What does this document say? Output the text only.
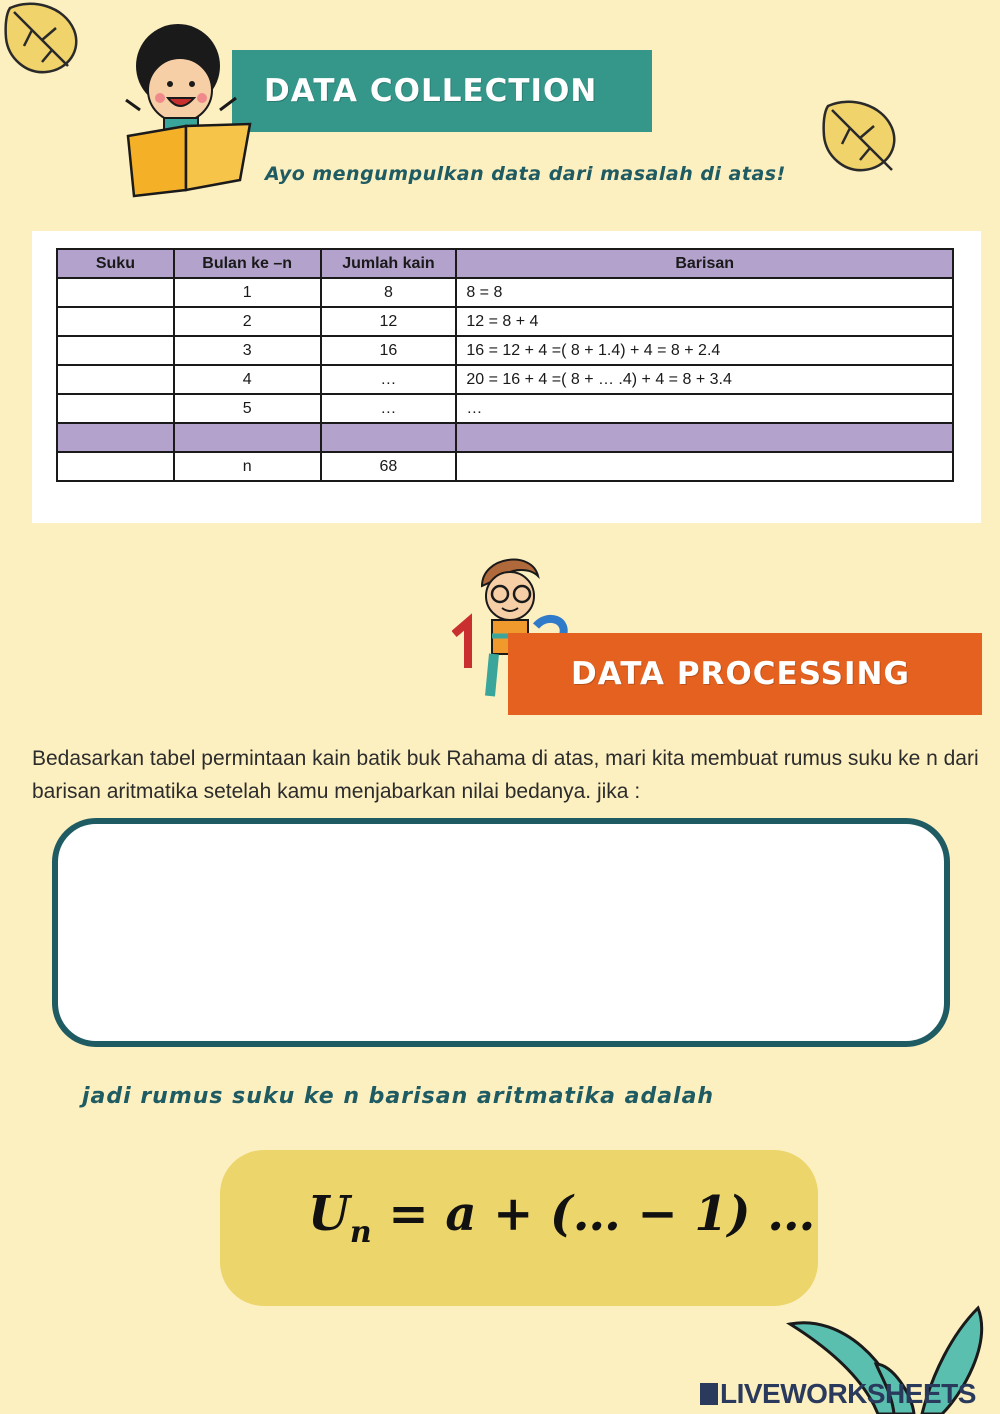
DATA COLLECTION
Ayo mengumpulkan data dari masalah di atas!
Suku	Bulan ke –n	Jumlah kain	Barisan
	1	8	8 = 8
	2	12	12 = 8 + 4
	3	16	16 = 12 + 4 =( 8 + 1.4) + 4 = 8 + 2.4
	4	…	20 = 16 + 4 =( 8 + … .4) + 4 = 8 + 3.4
	5	…	…

	n	68	
DATA PROCESSING
Bedasarkan tabel permintaan kain batik buk Rahama di atas, mari kita membuat rumus suku ke n dari barisan aritmatika setelah kamu menjabarkan nilai bedanya. jika :
jadi rumus suku ke n barisan aritmatika adalah
$U_n = a$ + (… − 1) …
LIVEWORKSHEETS
